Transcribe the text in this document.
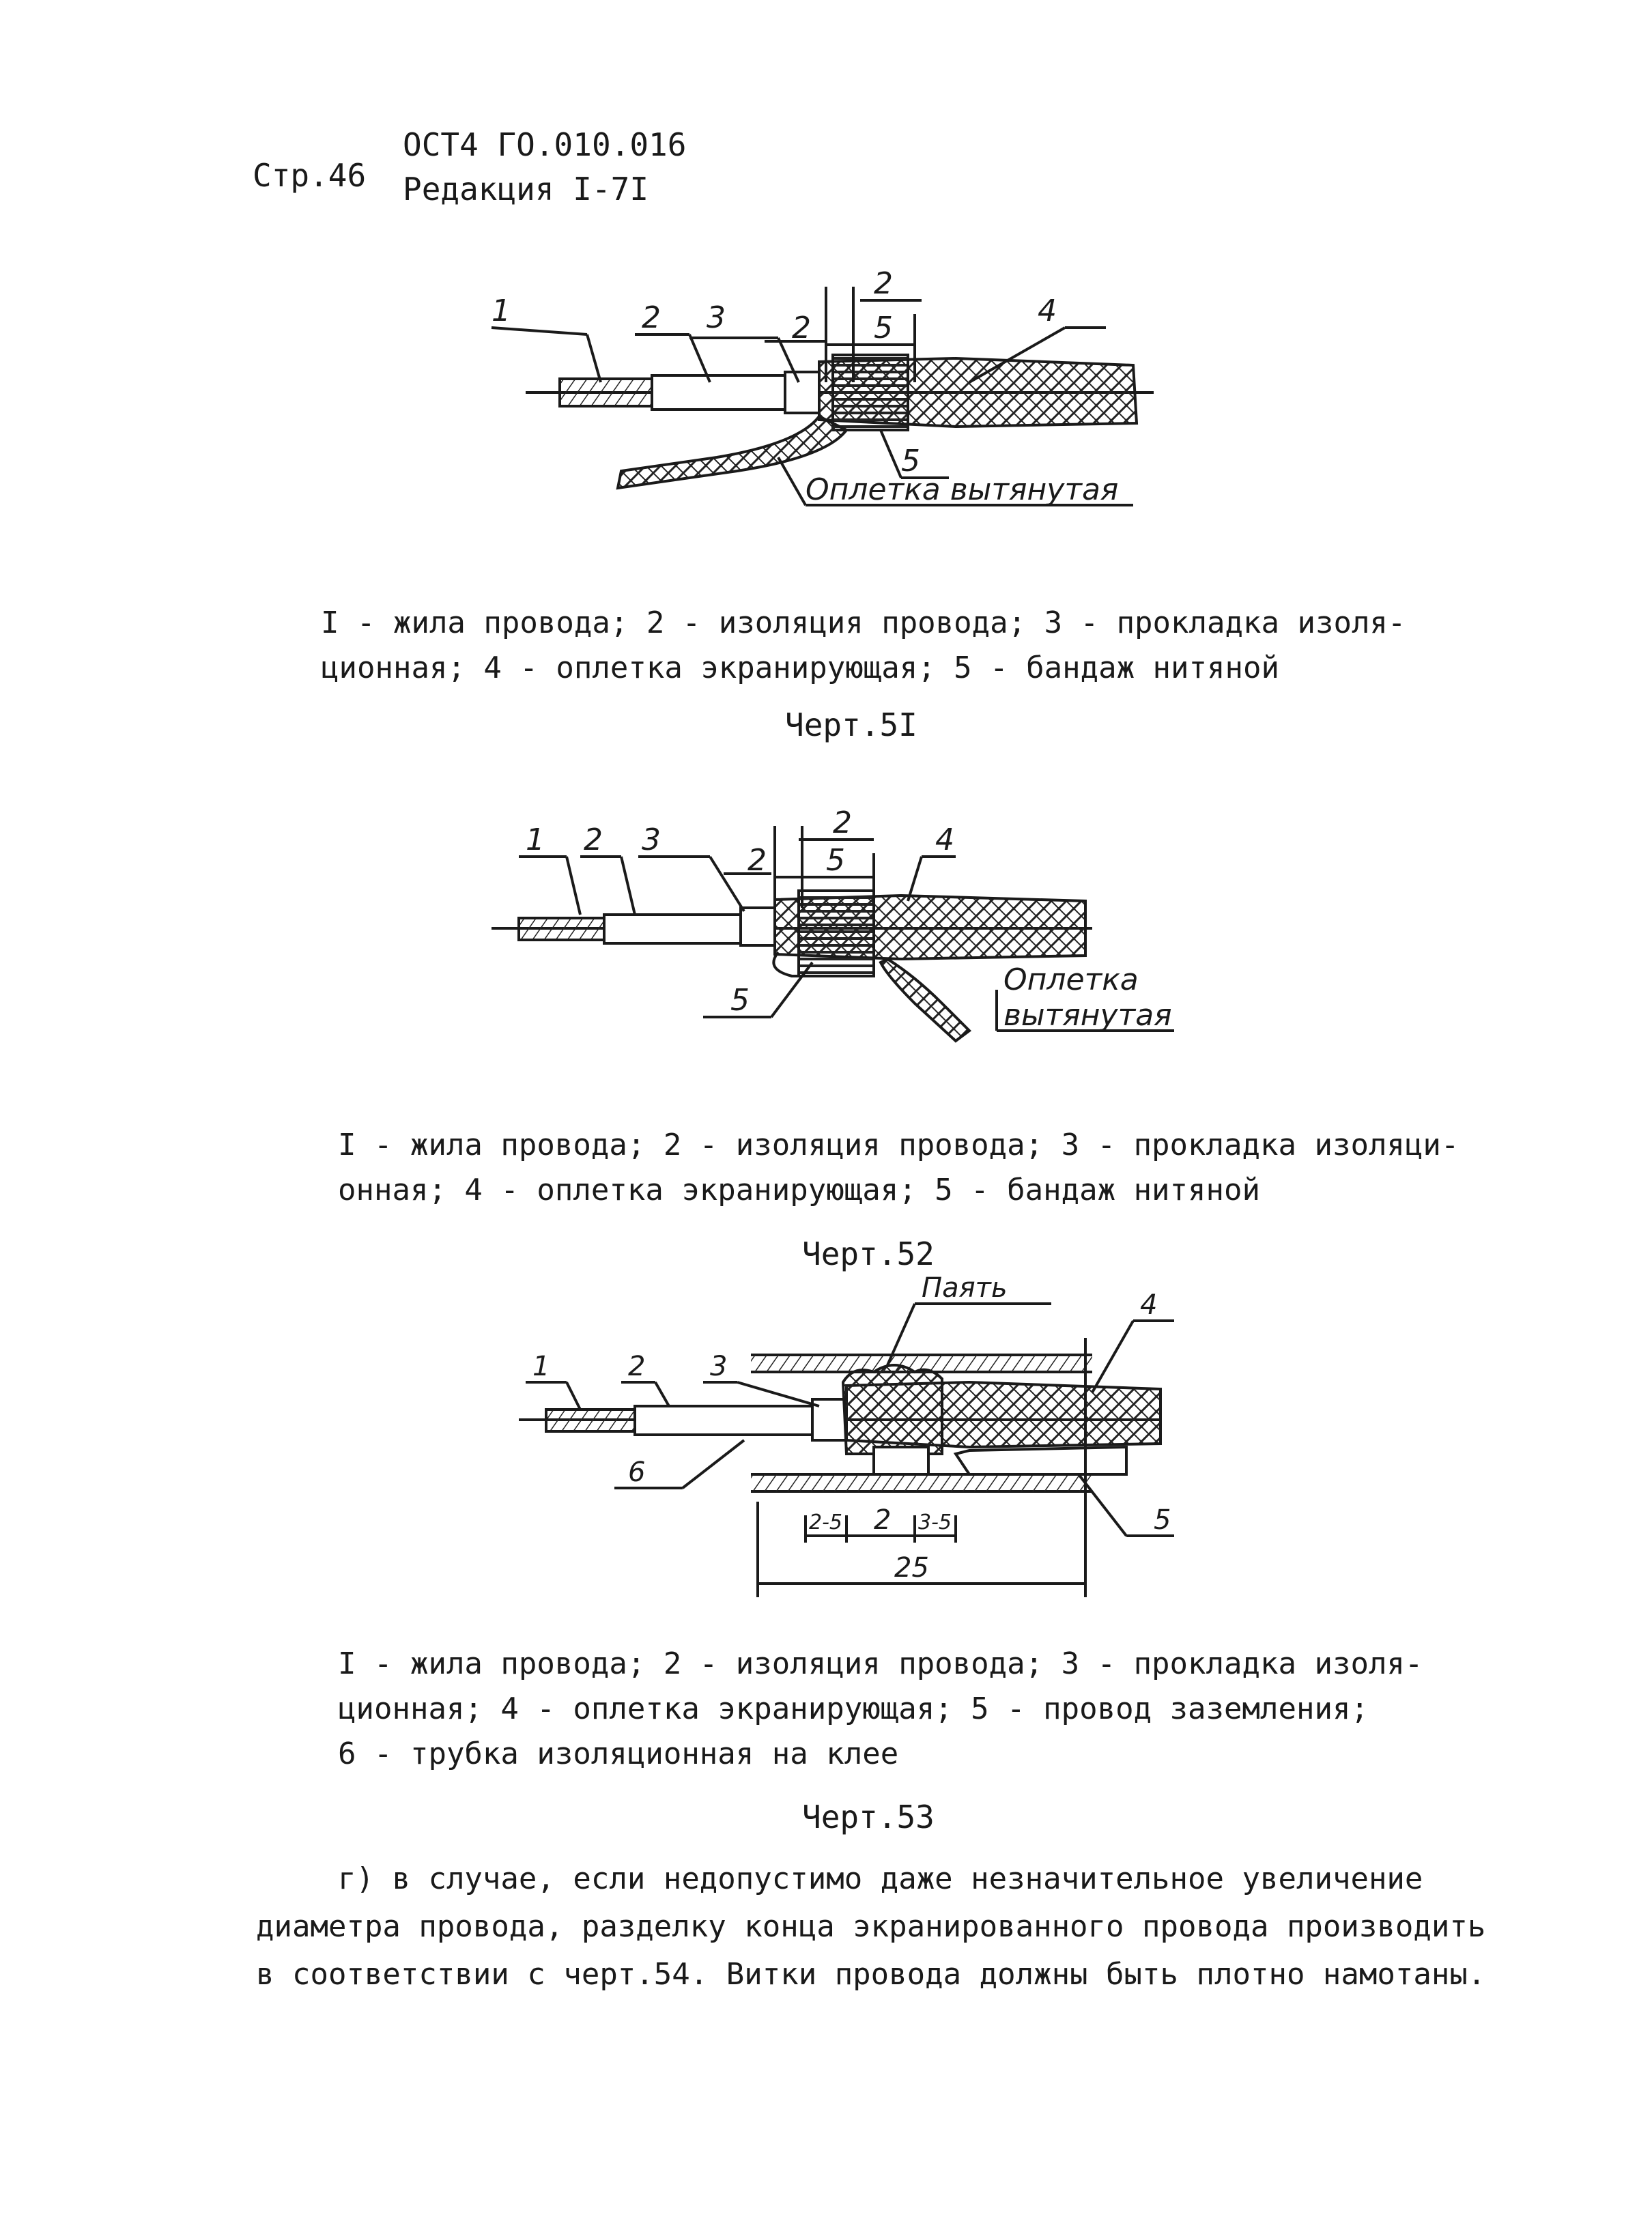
Стр.46
ОСТ4 ГО.010.016
Редакция I-7I
1	2 3	4
5
2
2 5
Оплетка вытянутая
1 2 3	4
5
2
2 5
Оплетка
вытянутая
1	2 3
4
5
6
Паять
2-5 2 3-5
25
I - жила провода; 2 - изоляция провода; 3 - прокладка изоля-
ционная; 4 - оплетка экранирующая; 5 - бандаж нитяной
Черт.5I
I - жила провода; 2 - изоляция провода; 3 - прокладка изоляци-
онная; 4 - оплетка экранирующая; 5 - бандаж нитяной
Черт.52
I - жила провода; 2 - изоляция провода; 3 - прокладка изоля-
ционная; 4 - оплетка экранирующая; 5 - провод заземления;
6 - трубка изоляционная на клее
Черт.53
г) в случае, если недопустимо даже незначительное увеличение
диаметра провода, разделку конца экранированного провода производить
в соответствии с черт.54. Витки провода должны быть плотно намотаны.
